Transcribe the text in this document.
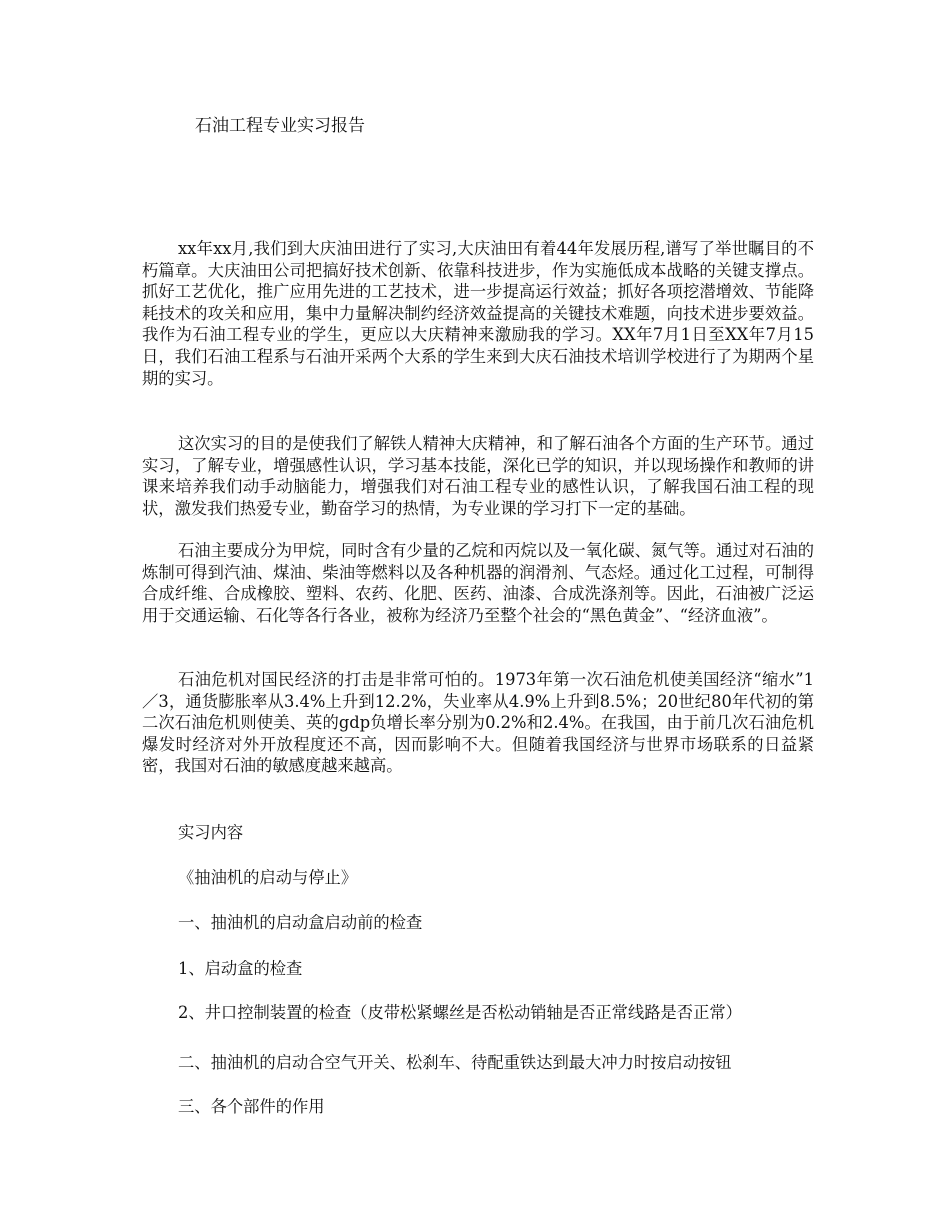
石油工程专业实习报告

xx年xx月,我们到大庆油田进行了实习,大庆油田有着44年发展历程,谱写了举世瞩目的不朽篇章。大庆油田公司把搞好技术创新、依靠科技进步，作为实施低成本战略的关键支撑点。抓好工艺优化，推广应用先进的工艺技术，进一步提高运行效益；抓好各项挖潜增效、节能降耗技术的攻关和应用，集中力量解决制约经济效益提高的关键技术难题，向技术进步要效益。我作为石油工程专业的学生，更应以大庆精神来激励我的学习。XX年7月1日至XX年7月15日，我们石油工程系与石油开采两个大系的学生来到大庆石油技术培训学校进行了为期两个星期的实习。

这次实习的目的是使我们了解铁人精神大庆精神，和了解石油各个方面的生产环节。通过实习，了解专业，增强感性认识，学习基本技能，深化已学的知识，并以现场操作和教师的讲课来培养我们动手动脑能力，增强我们对石油工程专业的感性认识，了解我国石油工程的现状，激发我们热爱专业，勤奋学习的热情，为专业课的学习打下一定的基础。

石油主要成分为甲烷，同时含有少量的乙烷和丙烷以及一氧化碳、氮气等。通过对石油的炼制可得到汽油、煤油、柴油等燃料以及各种机器的润滑剂、气态烃。通过化工过程，可制得合成纤维、合成橡胶、塑料、农药、化肥、医药、油漆、合成洗涤剂等。因此，石油被广泛运用于交通运输、石化等各行各业，被称为经济乃至整个社会的“黑色黄金”、“经济血液”。

石油危机对国民经济的打击是非常可怕的。1973年第一次石油危机使美国经济“缩水”1／3，通货膨胀率从3.4%上升到12.2%，失业率从4.9%上升到8.5%；20世纪80年代初的第二次石油危机则使美、英的gdp负增长率分别为0.2%和2.4%。在我国，由于前几次石油危机爆发时经济对外开放程度还不高，因而影响不大。但随着我国经济与世界市场联系的日益紧密，我国对石油的敏感度越来越高。

实习内容

《抽油机的启动与停止》

一、抽油机的启动盒启动前的检查

1、启动盒的检查

2、井口控制装置的检查（皮带松紧螺丝是否松动销轴是否正常线路是否正常）

二、抽油机的启动合空气开关、松刹车、待配重铁达到最大冲力时按启动按钮

三、各个部件的作用
